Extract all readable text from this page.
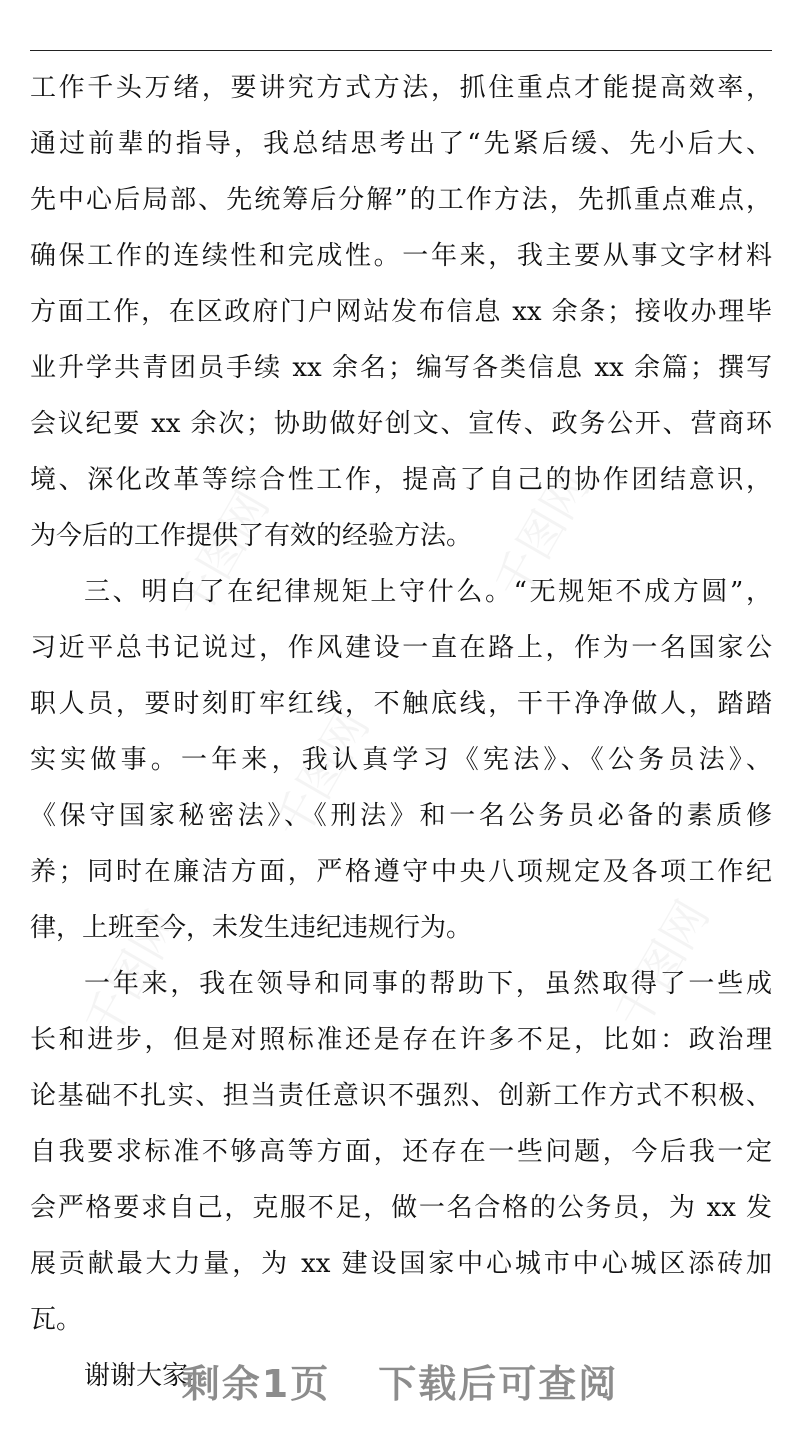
千图网	千图网
千图网
千图网	千图网
工作千头万绪，要讲究方式方法，抓住重点才能提高效率，
通过前辈的指导，我总结思考出了“先紧后缓、先小后大、
先中心后局部、先统筹后分解”的工作方法，先抓重点难点，
确保工作的连续性和完成性。一年来，我主要从事文字材料
方面工作，在区政府门户网站发布信息 xx 余条；接收办理毕
业升学共青团员手续 xx 余名；编写各类信息 xx 余篇；撰写
会议纪要 xx 余次；协助做好创文、宣传、政务公开、营商环
境、深化改革等综合性工作，提高了自己的协作团结意识，
为今后的工作提供了有效的经验方法。
三、明白了在纪律规矩上守什么。“无规矩不成方圆”，
习近平总书记说过，作风建设一直在路上，作为一名国家公
职人员，要时刻盯牢红线，不触底线，干干净净做人，踏踏
实实做事。一年来，我认真学习《宪法》、《公务员法》、
《保守国家秘密法》、《刑法》和一名公务员必备的素质修
养；同时在廉洁方面，严格遵守中央八项规定及各项工作纪
律，上班至今，未发生违纪违规行为。
一年来，我在领导和同事的帮助下，虽然取得了一些成
长和进步，但是对照标准还是存在许多不足，比如：政治理
论基础不扎实、担当责任意识不强烈、创新工作方式不积极、
自我要求标准不够高等方面，还存在一些问题，今后我一定
会严格要求自己，克服不足，做一名合格的公务员，为 xx 发
展贡献最大力量，为 xx 建设国家中心城市中心城区添砖加
瓦。
谢谢大家。
剩余1页 下载后可查阅
